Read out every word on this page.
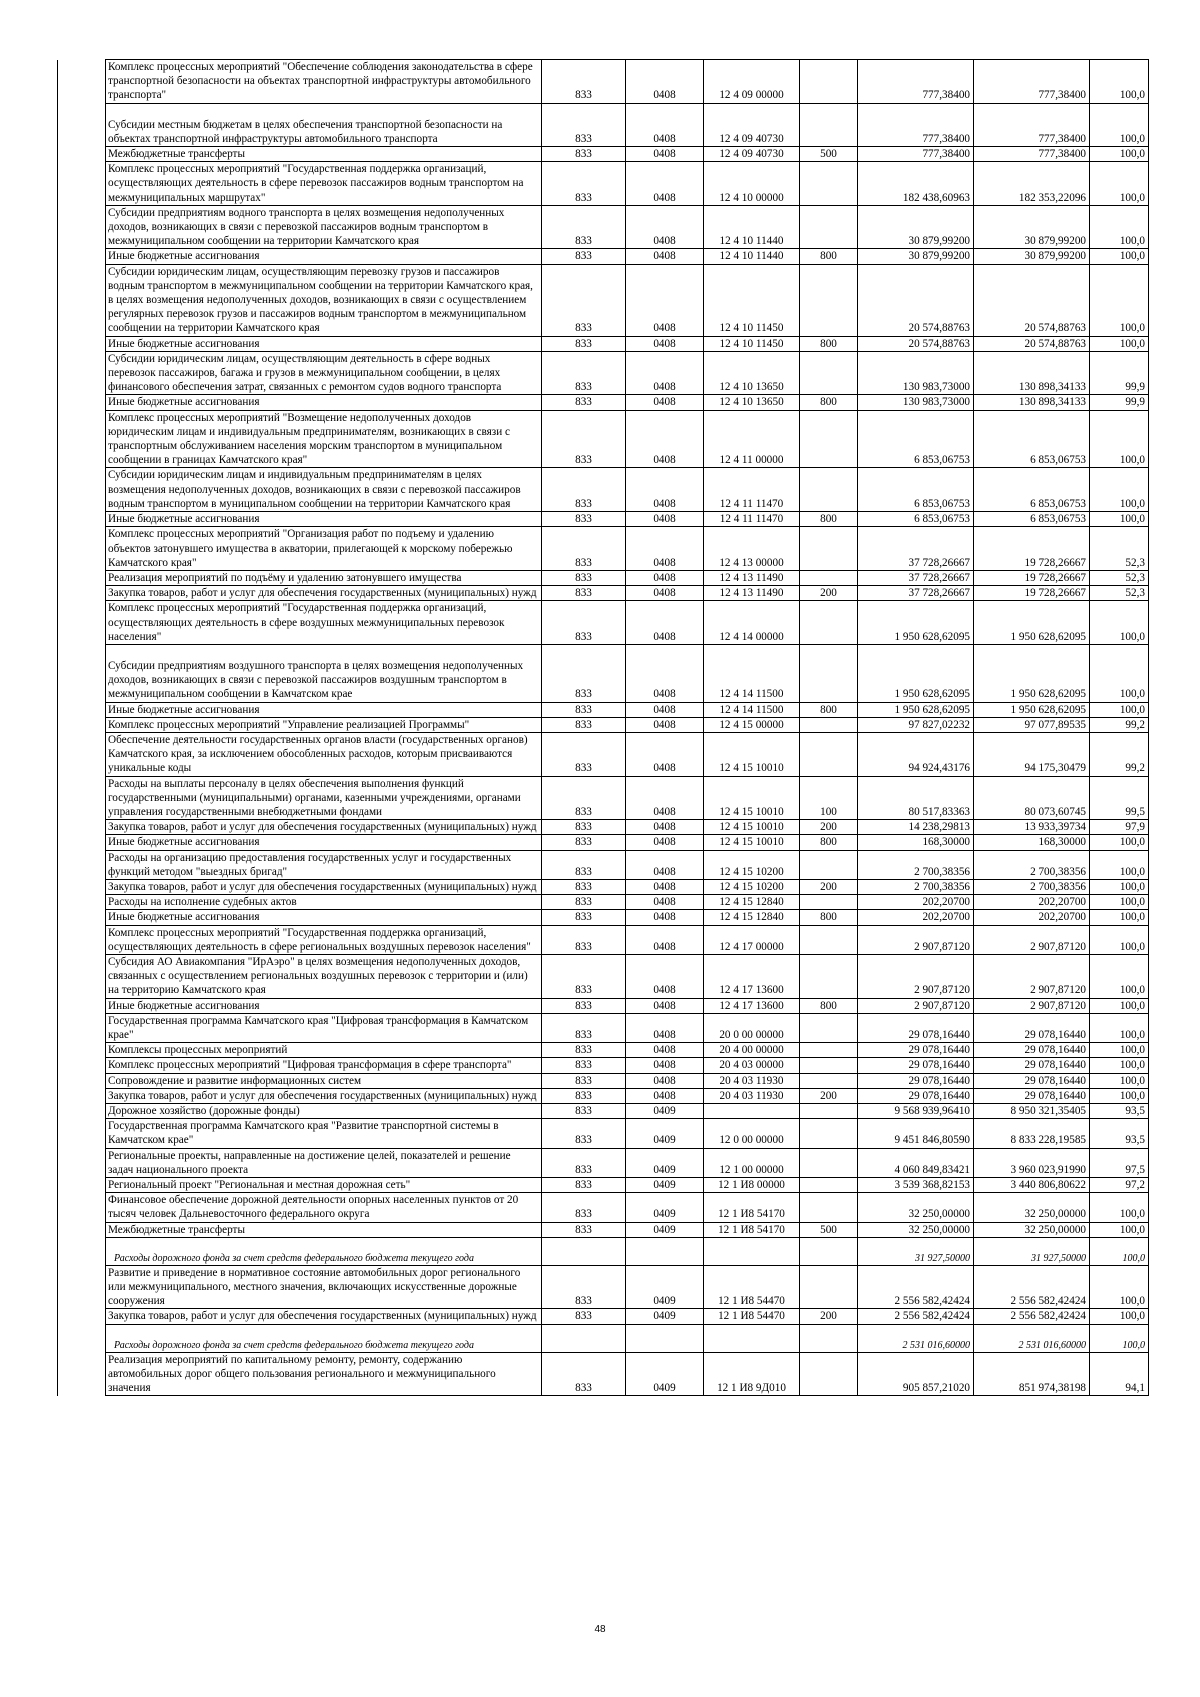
	Комплекс процессных мероприятий "Обеспечение соблюдения законодательства в сфере транспортной безопасности на объектах транспортной инфраструктуры автомобильного транспорта"	833	0408	12 4 09 00000		777,38400	777,38400	100,0
	Субсидии местным бюджетам в целях обеспечения транспортной безопасности на объектах транспортной инфраструктуры автомобильного транспорта	833	0408	12 4 09 40730		777,38400	777,38400	100,0
	Межбюджетные трансферты	833	0408	12 4 09 40730	500	777,38400	777,38400	100,0
	Комплекс процессных мероприятий "Государственная поддержка организаций, осуществляющих деятельность в сфере перевозок пассажиров водным транспортом на межмуниципальных маршрутах"	833	0408	12 4 10 00000		182 438,60963	182 353,22096	100,0
	Субсидии предприятиям водного транспорта в целях возмещения недополученных доходов, возникающих в связи с перевозкой пассажиров водным транспортом в межмуниципальном сообщении на территории Камчатского края	833	0408	12 4 10 11440		30 879,99200	30 879,99200	100,0
	Иные бюджетные ассигнования	833	0408	12 4 10 11440	800	30 879,99200	30 879,99200	100,0
	Субсидии юридическим лицам, осуществляющим перевозку грузов и пассажиров водным транспортом в межмуниципальном сообщении на территории Камчатского края, в целях возмещения недополученных доходов, возникающих в связи с осуществлением регулярных перевозок грузов и пассажиров водным транспортом в межмуниципальном сообщении на территории Камчатского края	833	0408	12 4 10 11450		20 574,88763	20 574,88763	100,0
	Иные бюджетные ассигнования	833	0408	12 4 10 11450	800	20 574,88763	20 574,88763	100,0
	Субсидии юридическим лицам, осуществляющим деятельность в сфере водных перевозок пассажиров, багажа и грузов в межмуниципальном сообщении, в целях финансового обеспечения затрат, связанных с ремонтом судов водного транспорта	833	0408	12 4 10 13650		130 983,73000	130 898,34133	99,9
	Иные бюджетные ассигнования	833	0408	12 4 10 13650	800	130 983,73000	130 898,34133	99,9
	Комплекс процессных мероприятий "Возмещение недополученных доходов юридическим лицам и индивидуальным предпринимателям, возникающих в связи с транспортным обслуживанием населения морским транспортом в муниципальном сообщении в границах Камчатского края"	833	0408	12 4 11 00000		6 853,06753	6 853,06753	100,0
	Субсидии юридическим лицам и индивидуальным предпринимателям в целях возмещения недополученных доходов, возникающих в связи с перевозкой пассажиров водным транспортом в муниципальном сообщении на территории Камчатского края	833	0408	12 4 11 11470		6 853,06753	6 853,06753	100,0
	Иные бюджетные ассигнования	833	0408	12 4 11 11470	800	6 853,06753	6 853,06753	100,0
	Комплекс процессных мероприятий "Организация работ по подъему и удалению объектов затонувшего имущества в акватории, прилегающей к морскому побережью Камчатского края"	833	0408	12 4 13 00000		37 728,26667	19 728,26667	52,3
	Реализация мероприятий по подъёму и удалению затонувшего имущества	833	0408	12 4 13 11490		37 728,26667	19 728,26667	52,3
	Закупка товаров, работ и услуг для обеспечения государственных (муниципальных) нужд	833	0408	12 4 13 11490	200	37 728,26667	19 728,26667	52,3
	Комплекс процессных мероприятий "Государственная поддержка организаций, осуществляющих деятельность в сфере воздушных межмуниципальных перевозок населения"	833	0408	12 4 14 00000		1 950 628,62095	1 950 628,62095	100,0
	Субсидии предприятиям воздушного транспорта в целях возмещения недополученных доходов, возникающих в связи с перевозкой пассажиров воздушным транспортом в межмуниципальном сообщении в Камчатском крае	833	0408	12 4 14 11500		1 950 628,62095	1 950 628,62095	100,0
	Иные бюджетные ассигнования	833	0408	12 4 14 11500	800	1 950 628,62095	1 950 628,62095	100,0
	Комплекс процессных мероприятий "Управление реализацией Программы"	833	0408	12 4 15 00000		97 827,02232	97 077,89535	99,2
	Обеспечение деятельности государственных органов власти (государственных органов) Камчатского края, за исключением обособленных расходов, которым присваиваются уникальные коды	833	0408	12 4 15 10010		94 924,43176	94 175,30479	99,2
	Расходы на выплаты персоналу в целях обеспечения выполнения функций государственными (муниципальными) органами, казенными учреждениями, органами управления государственными внебюджетными фондами	833	0408	12 4 15 10010	100	80 517,83363	80 073,60745	99,5
	Закупка товаров, работ и услуг для обеспечения государственных (муниципальных) нужд	833	0408	12 4 15 10010	200	14 238,29813	13 933,39734	97,9
	Иные бюджетные ассигнования	833	0408	12 4 15 10010	800	168,30000	168,30000	100,0
	Расходы на организацию предоставления государственных услуг и государственных функций методом "выездных бригад"	833	0408	12 4 15 10200		2 700,38356	2 700,38356	100,0
	Закупка товаров, работ и услуг для обеспечения государственных (муниципальных) нужд	833	0408	12 4 15 10200	200	2 700,38356	2 700,38356	100,0
	Расходы на исполнение судебных актов	833	0408	12 4 15 12840		202,20700	202,20700	100,0
	Иные бюджетные ассигнования	833	0408	12 4 15 12840	800	202,20700	202,20700	100,0
	Комплекс процессных мероприятий "Государственная поддержка организаций, осуществляющих деятельность в сфере региональных воздушных перевозок населения"	833	0408	12 4 17 00000		2 907,87120	2 907,87120	100,0
	Субсидия АО Авиакомпания "ИрАэро" в целях возмещения недополученных доходов, связанных с осуществлением региональных воздушных перевозок с территории и (или) на территорию Камчатского края	833	0408	12 4 17 13600		2 907,87120	2 907,87120	100,0
	Иные бюджетные ассигнования	833	0408	12 4 17 13600	800	2 907,87120	2 907,87120	100,0
	Государственная программа Камчатского края "Цифровая трансформация в Камчатском крае"	833	0408	20 0 00 00000		29 078,16440	29 078,16440	100,0
	Комплексы процессных мероприятий	833	0408	20 4 00 00000		29 078,16440	29 078,16440	100,0
	Комплекс процессных мероприятий "Цифровая трансформация в сфере транспорта"	833	0408	20 4 03 00000		29 078,16440	29 078,16440	100,0
	Сопровождение и развитие информационных систем	833	0408	20 4 03 11930		29 078,16440	29 078,16440	100,0
	Закупка товаров, работ и услуг для обеспечения государственных (муниципальных) нужд	833	0408	20 4 03 11930	200	29 078,16440	29 078,16440	100,0
	Дорожное хозяйство (дорожные фонды)	833	0409			9 568 939,96410	8 950 321,35405	93,5
	Государственная программа Камчатского края "Развитие транспортной системы в Камчатском крае"	833	0409	12 0 00 00000		9 451 846,80590	8 833 228,19585	93,5
	Региональные проекты, направленные на достижение целей, показателей и решение задач национального проекта	833	0409	12 1 00 00000		4 060 849,83421	3 960 023,91990	97,5
	Региональный проект "Региональная и местная дорожная сеть"	833	0409	12 1 И8 00000		3 539 368,82153	3 440 806,80622	97,2
	Финансовое обеспечение дорожной деятельности опорных населенных пунктов от 20 тысяч человек Дальневосточного федерального округа	833	0409	12 1 И8 54170		32 250,00000	32 250,00000	100,0
	Межбюджетные трансферты	833	0409	12 1 И8 54170	500	32 250,00000	32 250,00000	100,0
	Расходы дорожного фонда за счет средств федерального бюджета текущего года					31 927,50000	31 927,50000	100,0
	Развитие и приведение в нормативное состояние автомобильных дорог регионального или межмуниципального, местного значения, включающих искусственные дорожные сооружения	833	0409	12 1 И8 54470		2 556 582,42424	2 556 582,42424	100,0
	Закупка товаров, работ и услуг для обеспечения государственных (муниципальных) нужд	833	0409	12 1 И8 54470	200	2 556 582,42424	2 556 582,42424	100,0
	Расходы дорожного фонда за счет средств федерального бюджета текущего года					2 531 016,60000	2 531 016,60000	100,0
	Реализация мероприятий по капитальному ремонту, ремонту, содержанию автомобильных дорог общего пользования регионального и межмуниципального значения	833	0409	12 1 И8 9Д010		905 857,21020	851 974,38198	94,1
48
